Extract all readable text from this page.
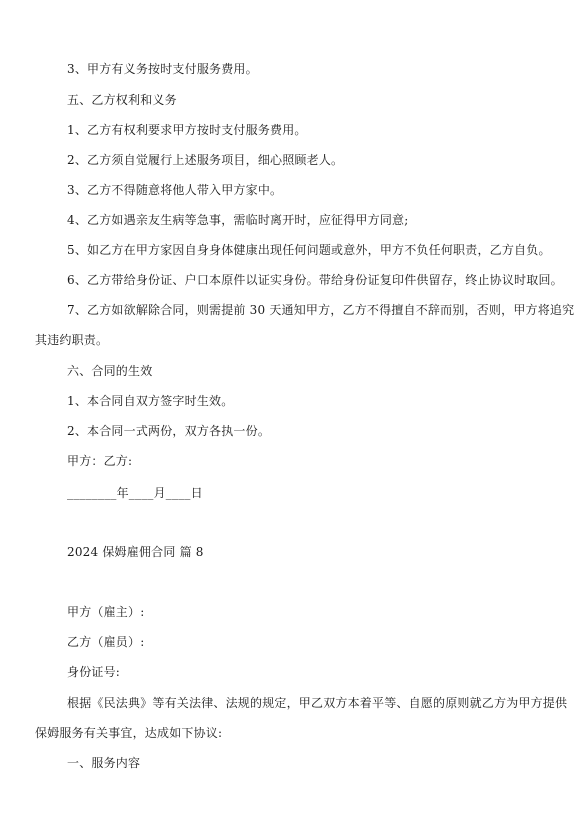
3、甲方有义务按时支付服务费用。
五、乙方权利和义务
1、乙方有权利要求甲方按时支付服务费用。
2、乙方须自觉履行上述服务项目，细心照顾老人。
3、乙方不得随意将他人带入甲方家中。
4、乙方如遇亲友生病等急事，需临时离开时，应征得甲方同意;
5、如乙方在甲方家因自身身体健康出现任何问题或意外，甲方不负任何职责，乙方自负。
6、乙方带给身份证、户口本原件以证实身份。带给身份证复印件供留存，终止协议时取回。
7、乙方如欲解除合同，则需提前 30 天通知甲方，乙方不得擅自不辞而别，否则，甲方将追究
其违约职责。
六、合同的生效
1、本合同自双方签字时生效。
2、本合同一式两份，双方各执一份。
甲方：乙方:
________年____月____日
2024 保姆雇佣合同 篇 8
甲方（雇主）:
乙方（雇员）:
身份证号:
根据《民法典》等有关法律、法规的规定，甲乙双方本着平等、自愿的原则就乙方为甲方提供
保姆服务有关事宜，达成如下协议:
一、服务内容
